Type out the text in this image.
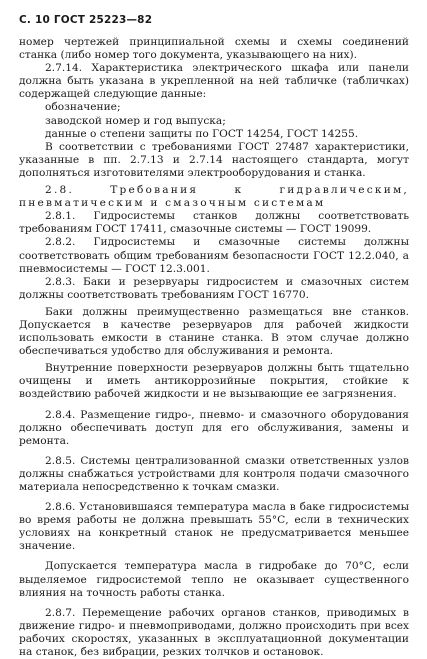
С. 10 ГОСТ 25223—82

номер чертежей принципиальной схемы и схемы соединений станка (либо номер того документа, указывающего на них).

2.7.14. Характеристика электрического шкафа или панели должна быть указана в укрепленной на ней табличке (табличках) содержащей следующие данные:

обозначение;

заводской номер и год выпуска;

данные о степени защиты по ГОСТ 14254, ГОСТ 14255.

В соответствии с требованиями ГОСТ 27487 характеристики, указанные в пп. 2.7.13 и 2.7.14 настоящего стандарта, могут дополняться изготовителями электрооборудования и станка.

2.8. Требования к гидравлическим, пневматическим и смазочным системам

2.8.1. Гидросистемы станков должны соответствовать требованиям ГОСТ 17411, смазочные системы — ГОСТ 19099.

2.8.2. Гидросистемы и смазочные системы должны соответствовать общим требованиям безопасности ГОСТ 12.2.040, а пневмосистемы — ГОСТ 12.3.001.

2.8.3. Баки и резервуары гидросистем и смазочных систем должны соответствовать требованиям ГОСТ 16770.

Баки должны преимущественно размещаться вне станков. Допускается в качестве резервуаров для рабочей жидкости использовать емкости в станине станка. В этом случае должно обеспечиваться удобство для обслуживания и ремонта.

Внутренние поверхности резервуаров должны быть тщательно очищены и иметь антикоррозийные покрытия, стойкие к воздействию рабочей жидкости и не вызывающие ее загрязнения.

2.8.4. Размещение гидро-, пневмо- и смазочного оборудования должно обеспечивать доступ для его обслуживания, замены и ремонта.

2.8.5. Системы централизованной смазки ответственных узлов должны снабжаться устройствами для контроля подачи смазочного материала непосредственно к точкам смазки.

2.8.6. Установившаяся температура масла в баке гидросистемы во время работы не должна превышать 55°С, если в технических условиях на конкретный станок не предусматривается меньшее значение.

Допускается температура масла в гидробаке до 70°С, если выделяемое гидросистемой тепло не оказывает существенного влияния на точность работы станка.

2.8.7. Перемещение рабочих органов станков, приводимых в движение гидро- и пневмоприводами, должно происходить при всех рабочих скоростях, указанных в эксплуатационной документации на станок, без вибрации, резких толчков и остановок.
